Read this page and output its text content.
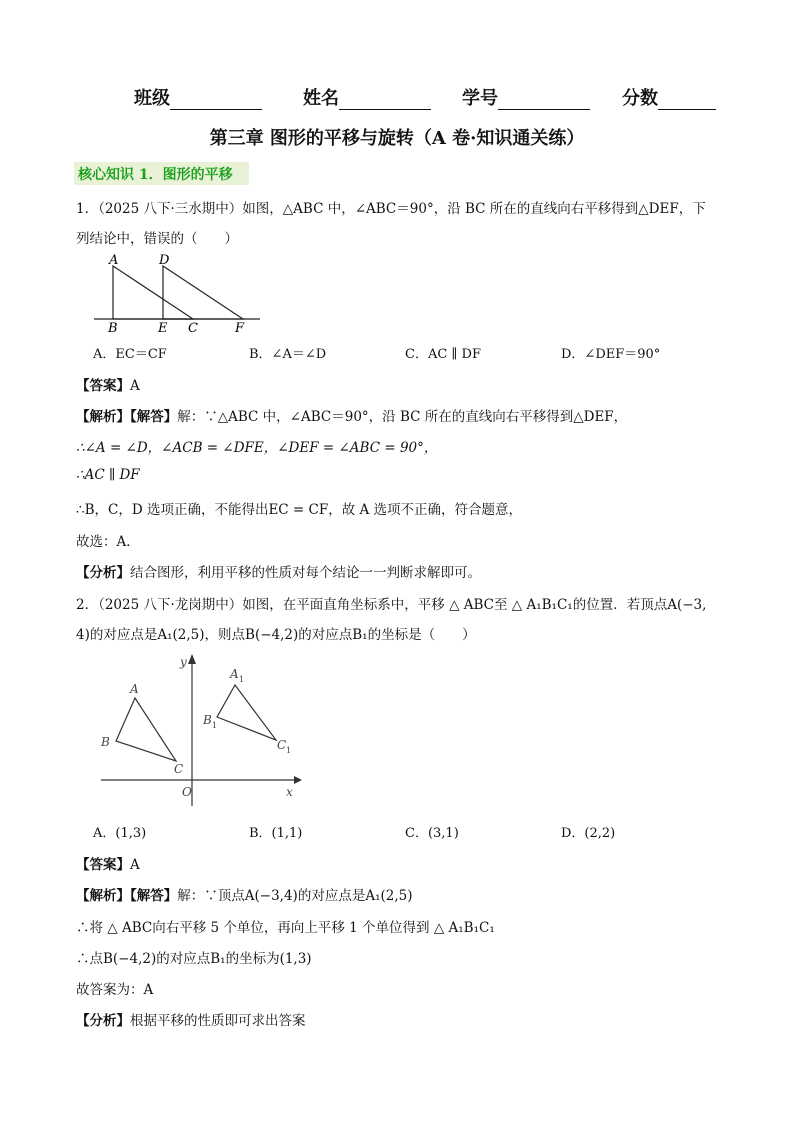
班级	姓名	学号	分数
第三章 图形的平移与旋转（A 卷·知识通关练）
核心知识 1．图形的平移
1．（2025 八下·三水期中）如图，△ABC 中，∠ABC＝90°，沿 BC 所在的直线向右平移得到△DEF，下
列结论中，错误的（　　）
A	D
B	E C	F
A．EC＝CF	B．∠A＝∠D	C．AC ∥ DF	D．∠DEF＝90°
【答案】A
【解析】【解答】解：∵△ABC 中，∠ABC＝90°，沿 BC 所在的直线向右平移得到△DEF，
∴∠A = ∠D，∠ACB = ∠DFE，∠DEF = ∠ABC = 90°，
∴AC ∥ DF
∴B，C，D 选项正确，不能得出EC = CF，故 A 选项不正确，符合题意，
故选：A．
【分析】结合图形，利用平移的性质对每个结论一一判断求解即可。
2．（2025 八下·龙岗期中）如图，在平面直角坐标系中，平移 △ ABC至 △ A₁B₁C₁的位置．若顶点A(−3,
4)的对应点是A₁(2,5)，则点B(−4,2)的对应点B₁的坐标是（　　）
y
x
O
A
B
C
A 1
B 1
C 1
A．(1,3)	B．(1,1)	C．(3,1)	D．(2,2)
【答案】A
【解析】【解答】解：∵顶点A(−3,4)的对应点是A₁(2,5)
∴将 △ ABC向右平移 5 个单位，再向上平移 1 个单位得到 △ A₁B₁C₁
∴点B(−4,2)的对应点B₁的坐标为(1,3)
故答案为：A
【分析】根据平移的性质即可求出答案
